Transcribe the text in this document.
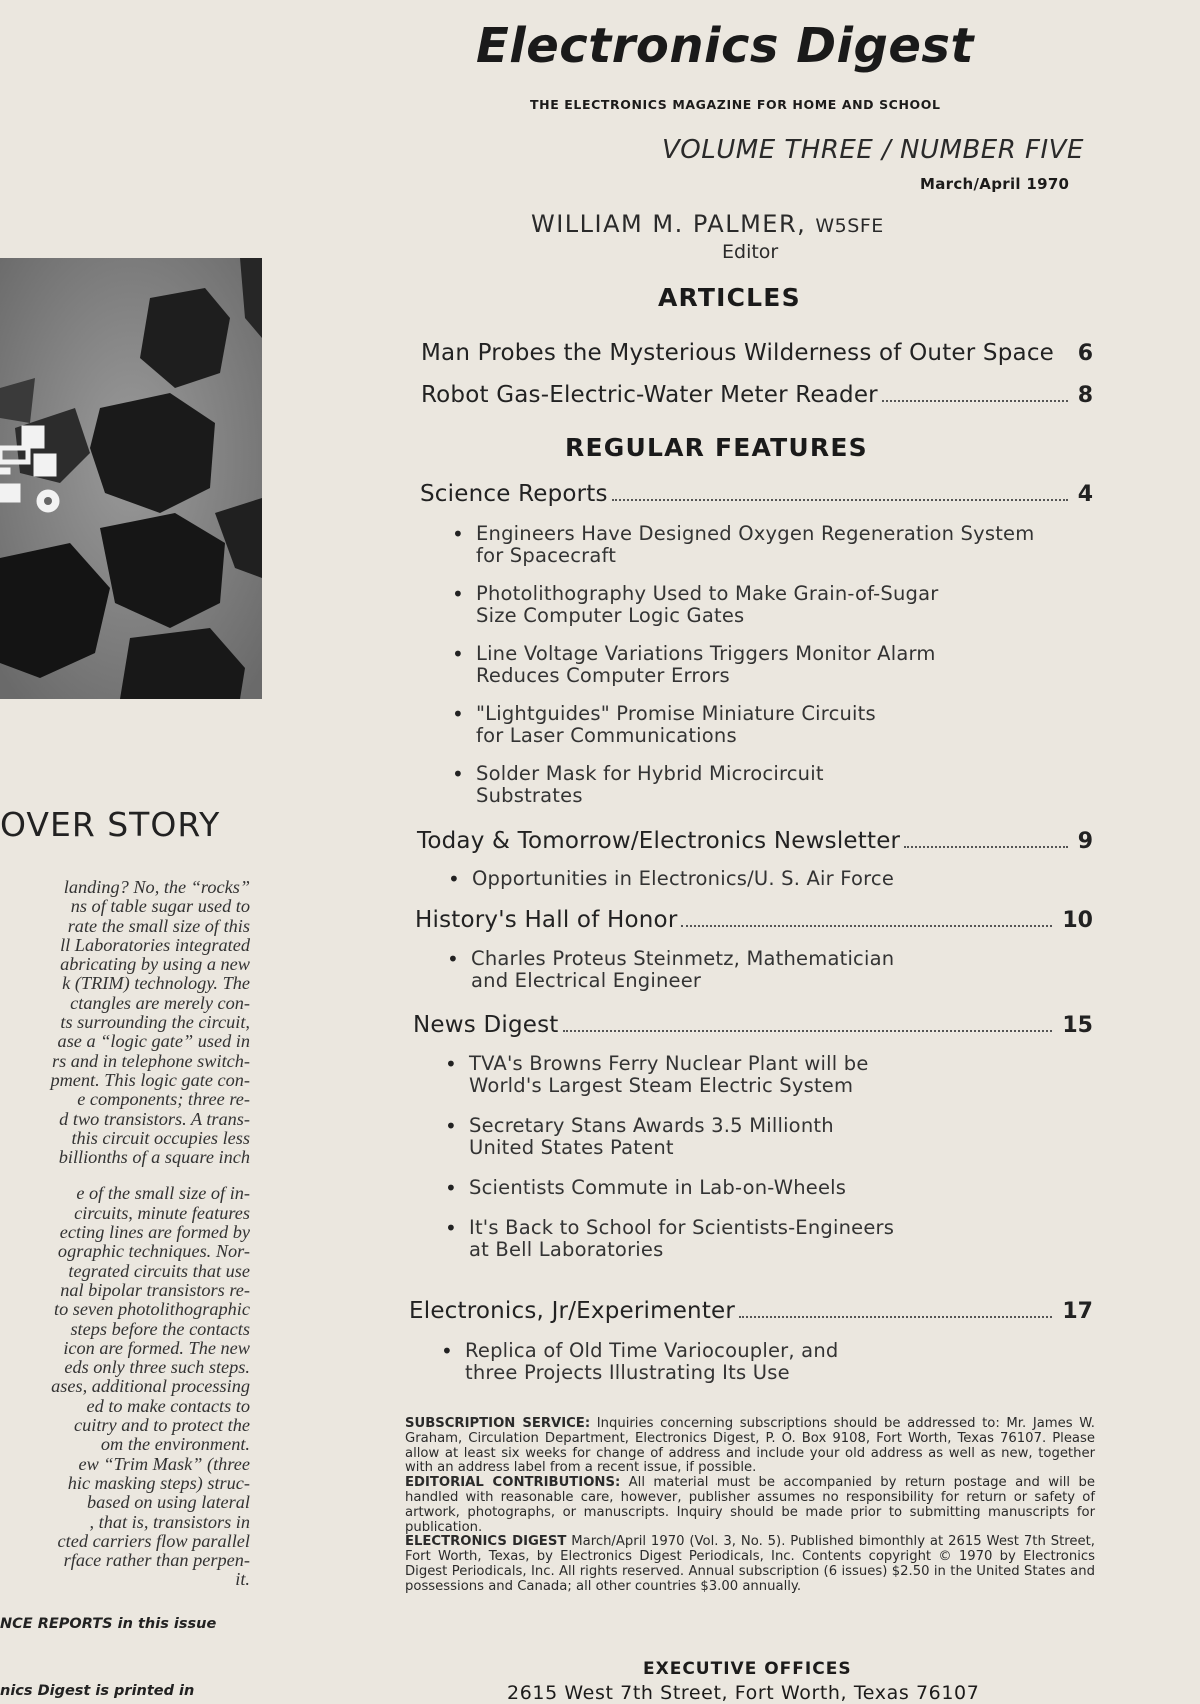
OVER STORY
landing? No, the “rocks”
ns of table sugar used to
rate the small size of this
ll Laboratories integrated
abricating by using a new
k (TRIM) technology. The
ctangles are merely con-
ts surrounding the circuit,
ase a “logic gate” used in
rs and in telephone switch-
pment. This logic gate con-
e components; three re-
d two transistors. A trans-
this circuit occupies less
billionths of a square inch
e of the small size of in-
circuits, minute features
ecting lines are formed by
ographic techniques. Nor-
tegrated circuits that use
nal bipolar transistors re-
to seven photolithographic
steps before the contacts
icon are formed. The new
eds only three such steps.
ases, additional processing
ed to make contacts to
cuitry and to protect the
om the environment.
ew “Trim Mask” (three
hic masking steps) struc-
based on using lateral
, that is, transistors in
cted carriers flow parallel
rface rather than perpen-
it.
NCE REPORTS in this issue
nics Digest is printed in
Electronics Digest
THE ELECTRONICS MAGAZINE FOR HOME AND SCHOOL
VOLUME THREE / NUMBER FIVE
March/April 1970
WILLIAM M. PALMER, W5SFE
Editor
ARTICLES
Man Probes the Mysterious Wilderness of Outer Space 6
Robot Gas-Electric-Water Meter Reader	8
REGULAR FEATURES
Science Reports	4
• Engineers Have Designed Oxygen Regeneration System
for Spacecraft
• Photolithography Used to Make Grain-of-Sugar
Size Computer Logic Gates
• Line Voltage Variations Triggers Monitor Alarm
Reduces Computer Errors
• "Lightguides" Promise Miniature Circuits
for Laser Communications
• Solder Mask for Hybrid Microcircuit
Substrates
Today & Tomorrow/Electronics Newsletter	9
• Opportunities in Electronics/U. S. Air Force
History's Hall of Honor	10
• Charles Proteus Steinmetz, Mathematician
and Electrical Engineer
News Digest	15
• TVA's Browns Ferry Nuclear Plant will be
World's Largest Steam Electric System
• Secretary Stans Awards 3.5 Millionth
United States Patent
• Scientists Commute in Lab-on-Wheels
• It's Back to School for Scientists-Engineers
at Bell Laboratories
Electronics, Jr/Experimenter	17
• Replica of Old Time Variocoupler, and
three Projects Illustrating Its Use

SUBSCRIPTION SERVICE: Inquiries concerning subscriptions should be addressed to: Mr. James W. Graham, Circulation Department, Electronics Digest, P. O. Box 9108, Fort Worth, Texas 76107. Please allow at least six weeks for change of address and include your old address as well as new, together with an address label from a recent issue, if possible.

EDITORIAL CONTRIBUTIONS: All material must be accompanied by return postage and will be handled with reasonable care, however, publisher assumes no responsibility for return or safety of artwork, photographs, or manuscripts. Inquiry should be made prior to submitting manuscripts for publication.

ELECTRONICS DIGEST March/April 1970 (Vol. 3, No. 5). Published bimonthly at 2615 West 7th Street, Fort Worth, Texas, by Electronics Digest Periodicals, Inc. Contents copyright © 1970 by Electronics Digest Periodicals, Inc. All rights reserved. Annual subscription (6 issues) $2.50 in the United States and possessions and Canada; all other countries $3.00 annually.

EXECUTIVE OFFICES
2615 West 7th Street, Fort Worth, Texas 76107
